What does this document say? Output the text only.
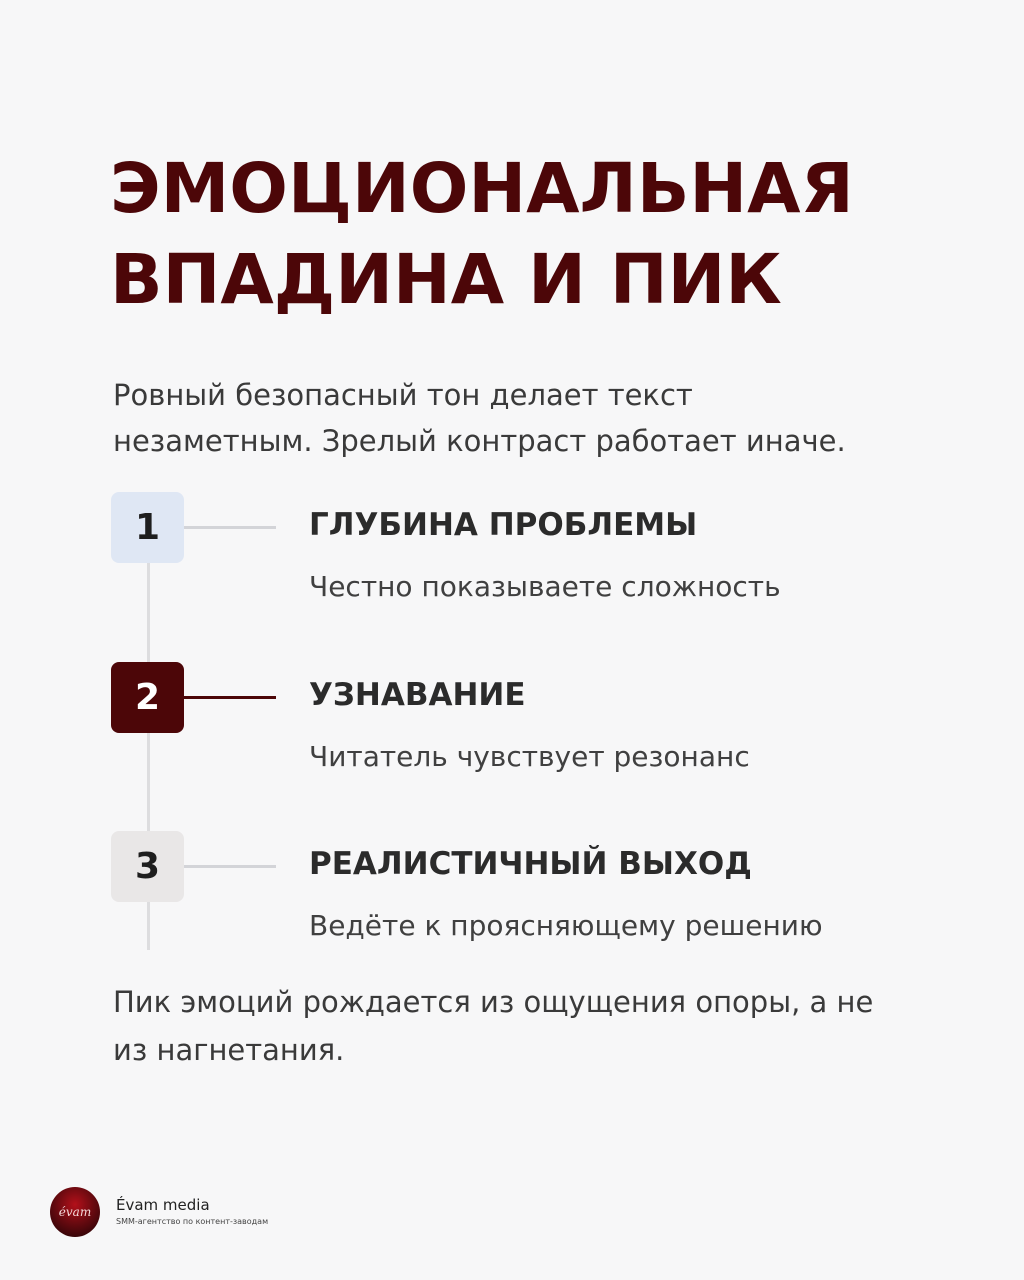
ЭМОЦИОНАЛЬНАЯ
ВПАДИНА И ПИК

Ровный безопасный тон делает текст
незаметным. Зрелый контраст работает иначе.

1	ГЛУБИНА ПРОБЛЕМЫ
Честно показываете сложность
2	УЗНАВАНИЕ
Читатель чувствует резонанс
3	РЕАЛИСТИЧНЫЙ ВЫХОД
Ведёте к проясняющему решению

Пик эмоций рождается из ощущения опоры, а не
из нагнетания.

évam Évam media
SMM-агентство по контент-заводам
